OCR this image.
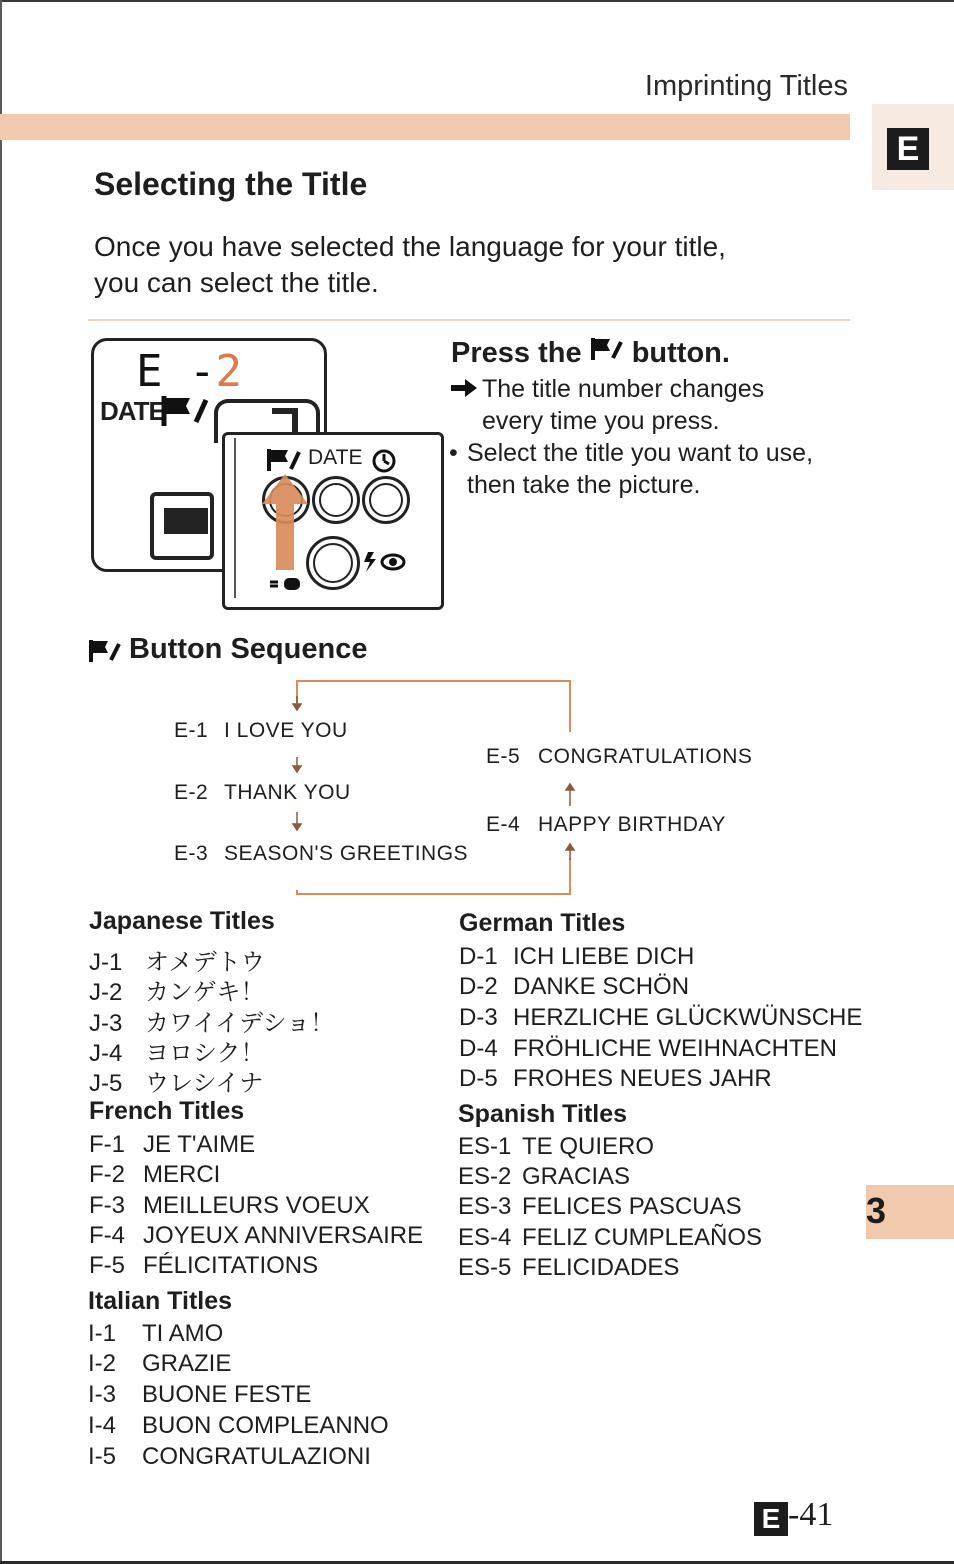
Imprinting Titles
E
Selecting the Title
Once you have selected the language for your title,
you can select the title.
E -2
DATE
DATE
Press the button.
The title number changes
every time you press.
• Select the title you want to use,
then take the picture.
Button Sequence
E-1 I LOVE YOU
E-2 THANK YOU
E-3 SEASON'S GREETINGS
E-4 HAPPY BIRTHDAY
E-5 CONGRATULATIONS
Japanese Titles
J-1 オメデトウ
J-2 カンゲキ！
J-3 カワイイデショ！
J-4 ヨロシク！
J-5 ウレシイナ
French Titles
F-1 JE T'AIME
F-2 MERCI
F-3 MEILLEURS VOEUX
F-4 JOYEUX ANNIVERSAIRE
F-5 FÉLICITATIONS
Italian Titles
I-1 TI AMO
I-2 GRAZIE
I-3 BUONE FESTE
I-4 BUON COMPLEANNO
I-5 CONGRATULAZIONI
German Titles
D-1 ICH LIEBE DICH
D-2 DANKE SCHÖN
D-3 HERZLICHE GLÜCKWÜNSCHE
D-4 FRÖHLICHE WEIHNACHTEN
D-5 FROHES NEUES JAHR
Spanish Titles
ES-1 TE QUIERO
ES-2 GRACIAS
ES-3 FELICES PASCUAS
ES-4 FELIZ CUMPLEAÑOS
ES-5 FELICIDADES
3
E -41
